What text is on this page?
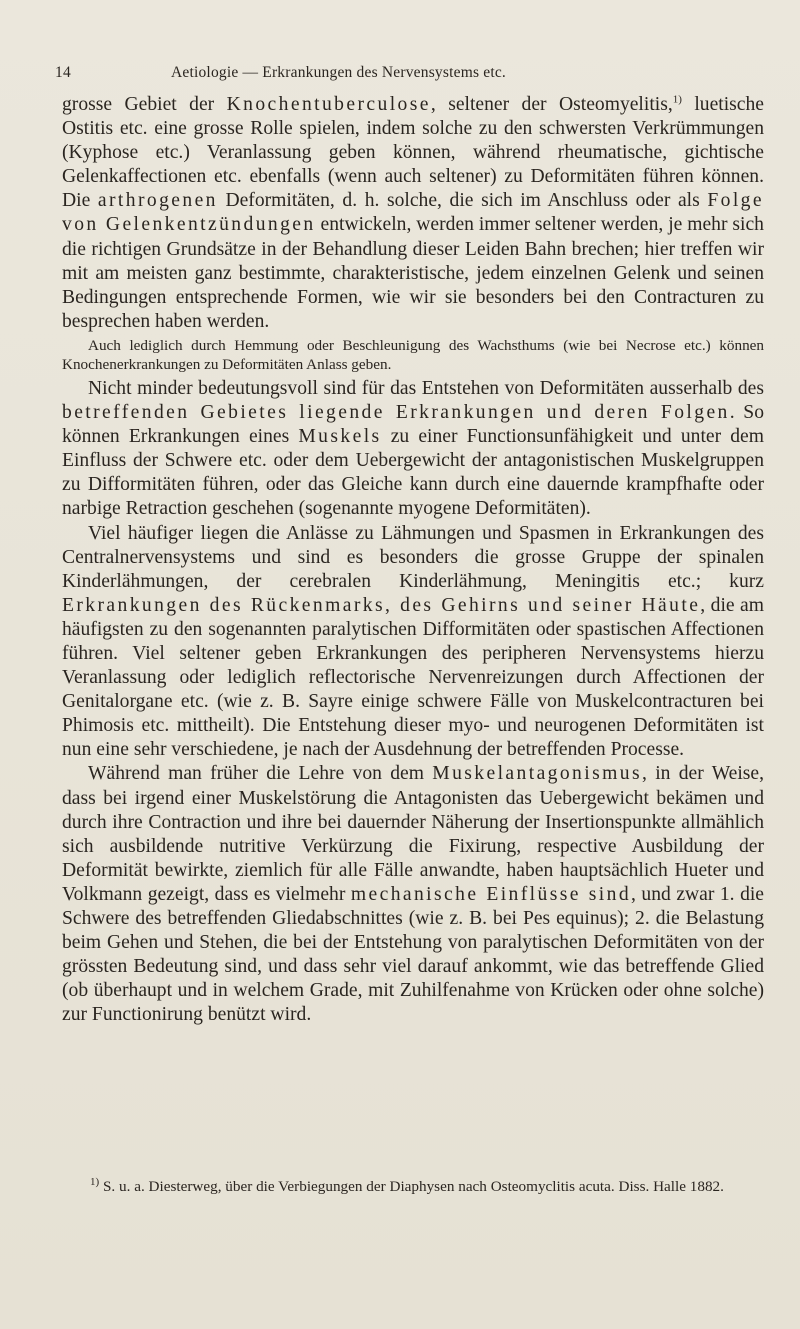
14	Aetiologie — Erkrankungen des Nervensystems etc.

grosse Gebiet der Knochentuberculose, seltener der Osteomyelitis,$^{1)}$ luetische Ostitis etc. eine grosse Rolle spielen, indem solche zu den schwersten Verkrümmungen (Kyphose etc.) Veranlassung geben können, während rheumatische, gichtische Gelenkaffectionen etc. ebenfalls (wenn auch seltener) zu Deformitäten führen können. Die arthrogenen Deformitäten, d. h. solche, die sich im Anschluss oder als Folge von Gelenkentzündungen entwickeln, werden immer seltener werden, je mehr sich die richtigen Grundsätze in der Behandlung dieser Leiden Bahn brechen; hier treffen wir mit am meisten ganz bestimmte, charakteristische, jedem einzelnen Gelenk und seinen Bedingungen entsprechende Formen, wie wir sie besonders bei den Contracturen zu besprechen haben werden.

Auch lediglich durch Hemmung oder Beschleunigung des Wachsthums (wie bei Necrose etc.) können Knochenerkrankungen zu Deformitäten Anlass geben.

Nicht minder bedeutungsvoll sind für das Entstehen von Deformitäten ausserhalb des betreffenden Gebietes liegende Erkrankungen und deren Folgen. So können Erkrankungen eines Muskels zu einer Functionsunfähigkeit und unter dem Einfluss der Schwere etc. oder dem Uebergewicht der antagonistischen Muskelgruppen zu Difformitäten führen, oder das Gleiche kann durch eine dauernde krampfhafte oder narbige Retraction geschehen (sogenannte myogene Deformitäten).

Viel häufiger liegen die Anlässe zu Lähmungen und Spasmen in Erkrankungen des Centralnervensystems und sind es besonders die grosse Gruppe der spinalen Kinderlähmungen, der cerebralen Kinderlähmung, Meningitis etc.; kurz Erkrankungen des Rückenmarks, des Gehirns und seiner Häute, die am häufigsten zu den sogenannten paralytischen Difformitäten oder spastischen Affectionen führen. Viel seltener geben Erkrankungen des peripheren Nervensystems hierzu Veranlassung oder lediglich reflectorische Nervenreizungen durch Affectionen der Genitalorgane etc. (wie z. B. Sayre einige schwere Fälle von Muskelcontracturen bei Phimosis etc. mittheilt). Die Entstehung dieser myo- und neurogenen Deformitäten ist nun eine sehr verschiedene, je nach der Ausdehnung der betreffenden Processe.

Während man früher die Lehre von dem Muskelantagonismus, in der Weise, dass bei irgend einer Muskelstörung die Antagonisten das Uebergewicht bekämen und durch ihre Contraction und ihre bei dauernder Näherung der Insertionspunkte allmählich sich ausbildende nutritive Verkürzung die Fixirung, respective Ausbildung der Deformität bewirkte, ziemlich für alle Fälle anwandte, haben hauptsächlich Hueter und Volkmann gezeigt, dass es vielmehr mechanische Einflüsse sind, und zwar 1. die Schwere des betreffenden Gliedabschnittes (wie z. B. bei Pes equinus); 2. die Belastung beim Gehen und Stehen, die bei der Entstehung von paralytischen Deformitäten von der grössten Bedeutung sind, und dass sehr viel darauf ankommt, wie das betreffende Glied (ob überhaupt und in welchem Grade, mit Zuhilfenahme von Krücken oder ohne solche) zur Functionirung benützt wird.

$^{1)}$ S. u. a. Diesterweg, über die Verbiegungen der Diaphysen nach Osteomyclitis acuta. Diss. Halle 1882.
